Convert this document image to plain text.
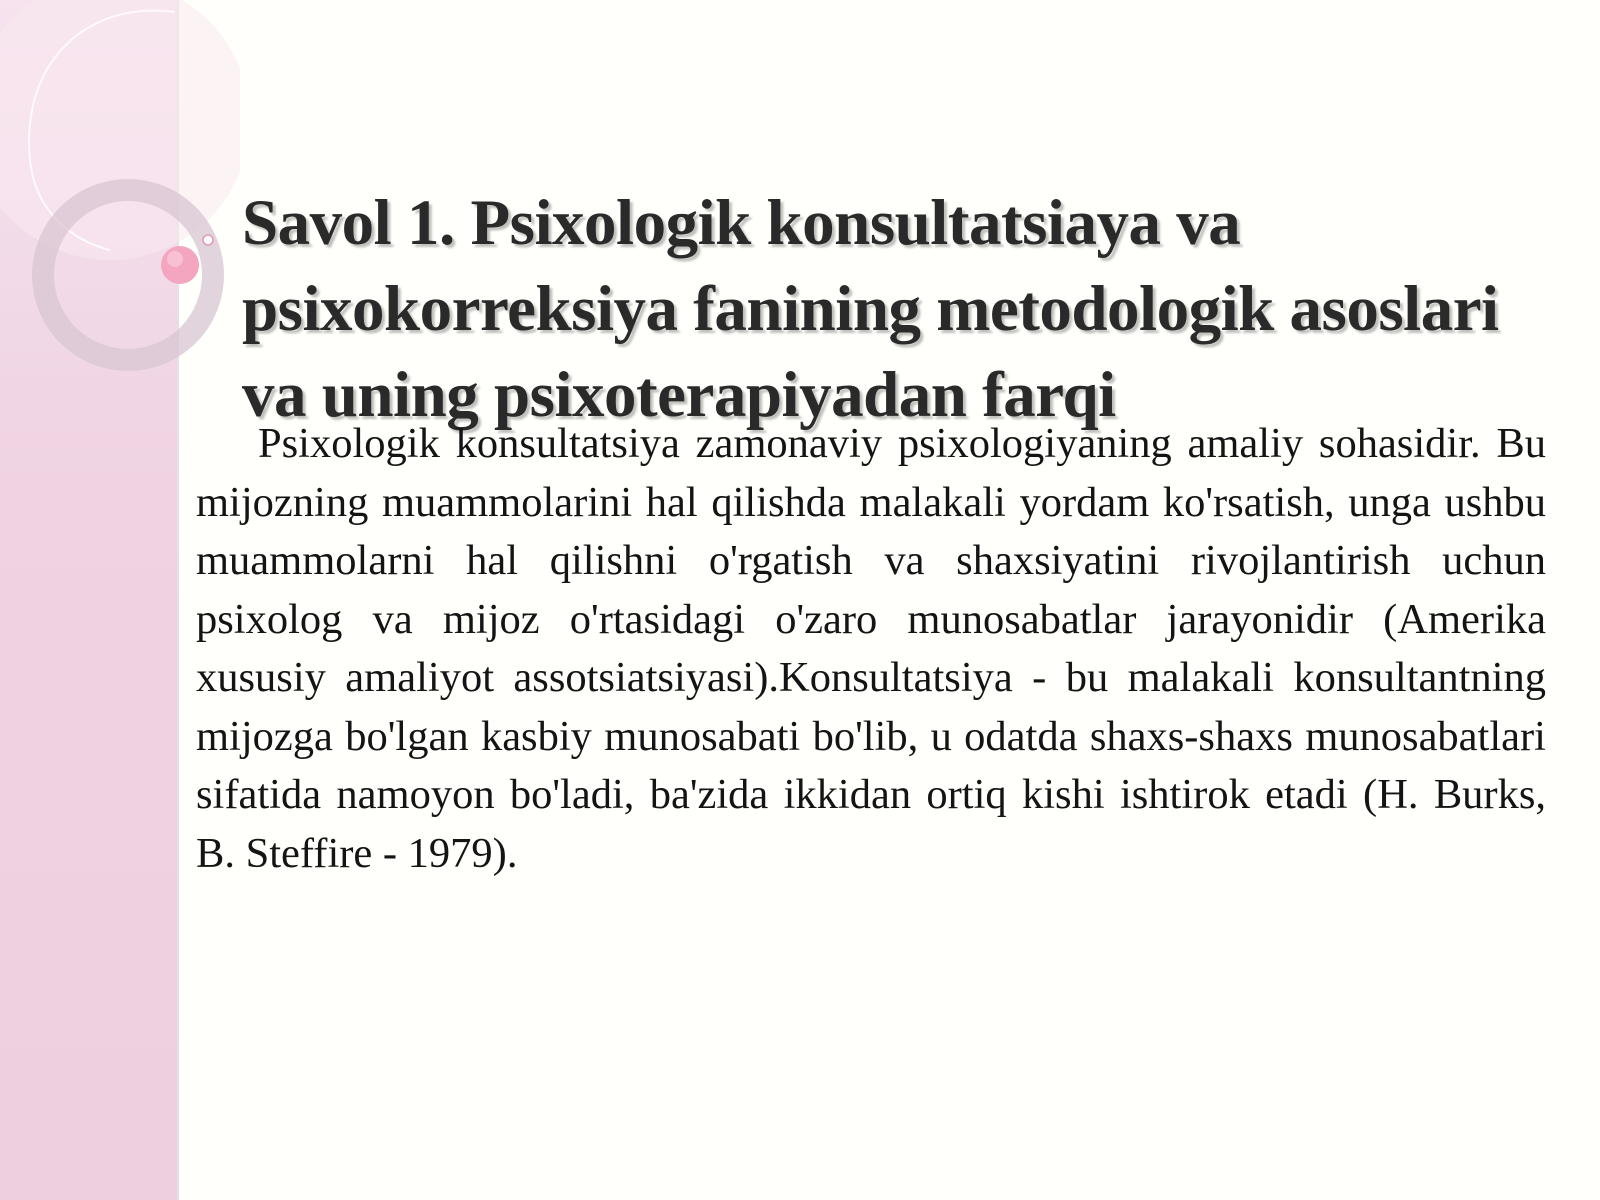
Savol 1. Psixologik konsultatsiaya va psixokorreksiya fanining metodologik asoslari va uning psixoterapiyadan farqi

Psixologik konsultatsiya zamonaviy psixologiyaning amaliy sohasidir. Bu mijozning muammolarini hal qilishda malakali yordam ko'rsatish, unga ushbu muammolarni hal qilishni o'rgatish va shaxsiyatini rivojlantirish uchun psixolog va mijoz o'rtasidagi o'zaro munosabatlar jarayonidir (Amerika xususiy amaliyot assotsiatsiyasi).Konsultatsiya - bu malakali konsultantning mijozga bo'lgan kasbiy munosabati bo'lib, u odatda shaxs-shaxs munosabatlari sifatida namoyon bo'ladi, ba'zida ikkidan ortiq kishi ishtirok etadi (H. Burks, B. Steffire - 1979).
